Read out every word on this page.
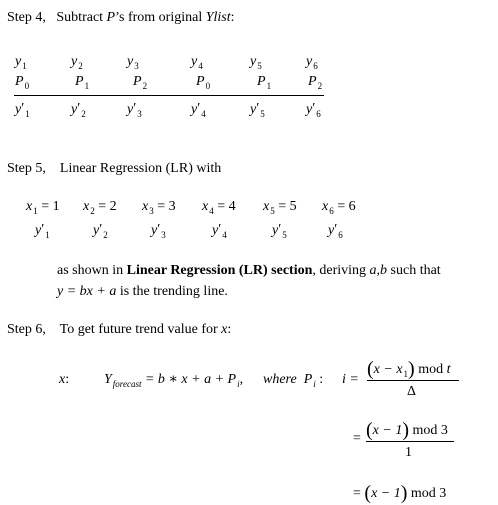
Step 4, Subtract P’s from original Ylist:
$y_1$	$y_2$	$y_3$	$y_4$	$y_5$	$y_6$
$P_0$	$P_1$	$P_2$	$P_0$	$P_1$	$P_2$
$y'_1$	$y'_2$	$y'_3$	$y'_4$	$y'_5$	$y'_6$
Step 5, Linear Regression (LR) with
$x_1 = 1$ $x_2 = 2$ $x_3 = 3$ $x_4 = 4$ $x_5 = 5$ $x_6 = 6$
$y'_1$	$y'_2$	$y'_3$	$y'_4$	$y'_5$	$y'_6$
as shown in Linear Regression (LR) section, deriving a,b such that
y = bx + a is the trending line.
Step 6, To get future trend value for x:
x: $Y_{forecast} = b$ ∗ $x + a + P_i$, where $P_i$ : $i = (x - x_1)$ mod t
Δ
= (x − 1) mod 3
1
= (x − 1) mod 3
